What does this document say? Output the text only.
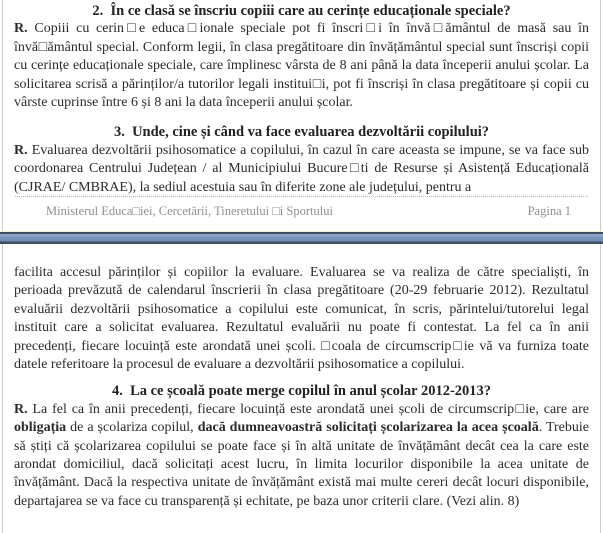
2.  În ce clasă se înscriu copiii care au cerințe educaționale speciale?

R. Copiii cu cerin□e educa□ionale speciale pot fi înscri□i în învă□ământul de masă sau în învă□ământul special. Conform legii, în clasa pregătitoare din învățământul special sunt înscriși copii cu cerințe educaționale speciale, care împlinesc vârsta de 8 ani până la data începerii anului școlar. La solicitarea scrisă a părinților/a tutorilor legali institui□i, pot fi înscriși în clasa pregătitoare și copii cu vârste cuprinse între 6 și 8 ani la data începerii anului școlar.

3.  Unde, cine și când va face evaluarea dezvoltării copilului?

R. Evaluarea dezvoltării psihosomatice a copilului, în cazul în care aceasta se impune, se va face sub coordonarea Centrului Județean / al Municipiului Bucure□ti de Resurse și Asistență Educațională (CJRAE/ CMBRAE), la sediul acestuia sau în diferite zone ale județului, pentru a

Ministerul Educa□iei, Cercetării, Tineretului □i Sportului	Pagina 1

facilita accesul părinților și copiilor la evaluare. Evaluarea se va realiza de către specialiști, în perioada prevăzută de calendarul înscrierii în clasa pregătitoare (20-29 februarie 2012). Rezultatul evaluării dezvoltării psihosomatice a copilului este comunicat, în scris, părintelui/tutorelui legal instituit care a solicitat evaluarea. Rezultatul evaluării nu poate fi contestat. La fel ca în anii precedenți, fiecare locuință este arondată unei școli. □coala de circumscrip□ie vă va furniza toate datele referitoare la procesul de evaluare a dezvoltării psihosomatice a copilului.

4.  La ce școală poate merge copilul în anul școlar 2012-2013?

R. La fel ca în anii precedenți, fiecare locuință este arondată unei școli de circumscrip□ie, care are obligația de a școlariza copilul, dacă dumneavoastră solicitați școlarizarea la acea școală. Trebuie să știți că școlarizarea copilului se poate face și în altă unitate de învățământ decât cea la care este arondat domiciliul, dacă solicitați acest lucru, în limita locurilor disponibile la acea unitate de învățământ. Dacă la respectiva unitate de învățământ există mai multe cereri decât locuri disponibile, departajarea se va face cu transparență și echitate, pe baza unor criterii clare. (Vezi alin. 8)
